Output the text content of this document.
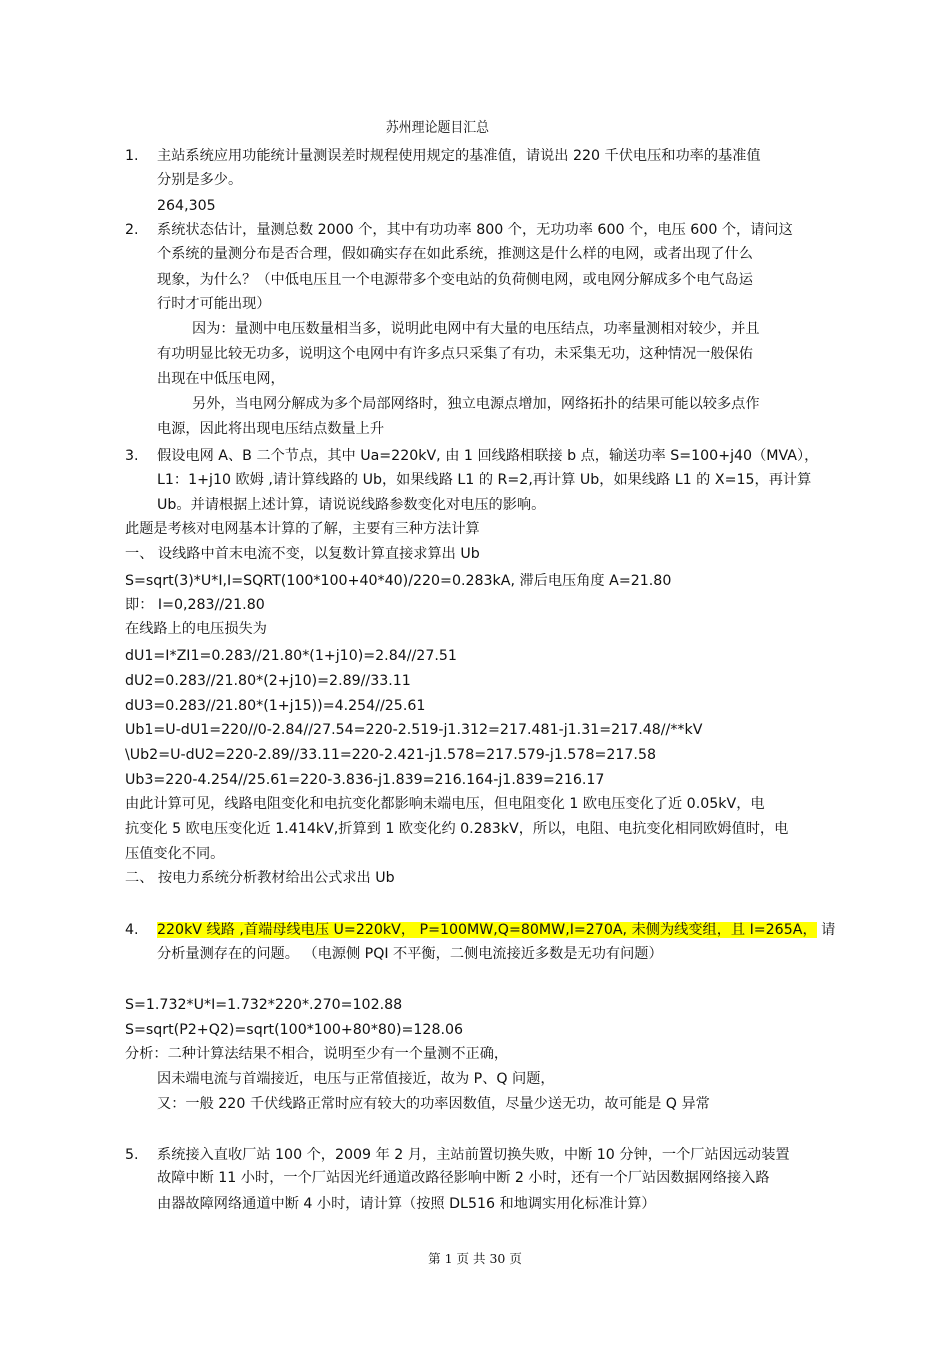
苏州理论题目汇总
1. 主站系统应用功能统计量测误差时规程使用规定的基准值，请说出 220 千伏电压和功率的基准值
分别是多少。
264,305
2. 系统状态估计，量测总数 2000 个，其中有功功率 800 个，无功功率 600 个，电压 600 个，请问这
个系统的量测分布是否合理，假如确实存在如此系统，推测这是什么样的电网，或者出现了什么
现象，为什么？（中低电压且一个电源带多个变电站的负荷侧电网，或电网分解成多个电气岛运
行时才可能出现）
因为：量测中电压数量相当多，说明此电网中有大量的电压结点，功率量测相对较少，并且
有功明显比较无功多，说明这个电网中有许多点只采集了有功，未采集无功，这种情况一般保佑
出现在中低压电网，
另外，当电网分解成为多个局部网络时，独立电源点增加，网络拓扑的结果可能以较多点作
电源，因此将出现电压结点数量上升
3. 假设电网 A、B 二个节点，其中 Ua=220kV, 由 1 回线路相联接 b 点，输送功率 S=100+j40（MVA），
L1：1+j10 欧姆 ,请计算线路的 Ub，如果线路 L1 的 R=2,再计算 Ub，如果线路 L1 的 X=15，再计算
Ub。并请根据上述计算，请说说线路参数变化对电压的影响。
此题是考核对电网基本计算的了解，主要有三种方法计算
一、 设线路中首末电流不变，以复数计算直接求算出 Ub
S=sqrt(3)*U*I,I=SQRT(100*100+40*40)/220=0.283kA, 滞后电压角度 A=21.80
即： I=0,283//21.80
在线路上的电压损失为
dU1=I*ZI1=0.283//21.80*(1+j10)=2.84//27.51
dU2=0.283//21.80*(2+j10)=2.89//33.11
dU3=0.283//21.80*(1+j15))=4.254//25.61
Ub1=U-dU1=220//0-2.84//27.54=220-2.519-j1.312=217.481-j1.31=217.48//**kV
\Ub2=U-dU2=220-2.89//33.11=220-2.421-j1.578=217.579-j1.578=217.58
Ub3=220-4.254//25.61=220-3.836-j1.839=216.164-j1.839=216.17
由此计算可见，线路电阻变化和电抗变化都影响未端电压，但电阻变化 1 欧电压变化了近 0.05kV，电
抗变化 5 欧电压变化近 1.414kV,折算到 1 欧变化约 0.283kV，所以，电阻、电抗变化相同欧姆值时，电
压值变化不同。
二、 按电力系统分析教材给出公式求出 Ub
4. 220kV 线路 ,首端母线电压 U=220kV， P=100MW,Q=80MW,I=270A, 未侧为线变组，且 I=265A， 请
分析量测存在的问题。 （电源侧 PQI 不平衡，二侧电流接近多数是无功有问题）
S=1.732*U*I=1.732*220*.270=102.88
S=sqrt(P2+Q2)=sqrt(100*100+80*80)=128.06
分析：二种计算法结果不相合，说明至少有一个量测不正确，
因未端电流与首端接近，电压与正常值接近，故为 P、Q 问题，
又：一般 220 千伏线路正常时应有较大的功率因数值，尽量少送无功，故可能是 Q 异常
5. 系统接入直收厂站 100 个，2009 年 2 月，主站前置切换失败，中断 10 分钟，一个厂站因远动装置
故障中断 11 小时，一个厂站因光纤通道改路径影响中断 2 小时，还有一个厂站因数据网络接入路
由器故障网络通道中断 4 小时，请计算（按照 DL516 和地调实用化标准计算）
第 1 页 共 30 页
